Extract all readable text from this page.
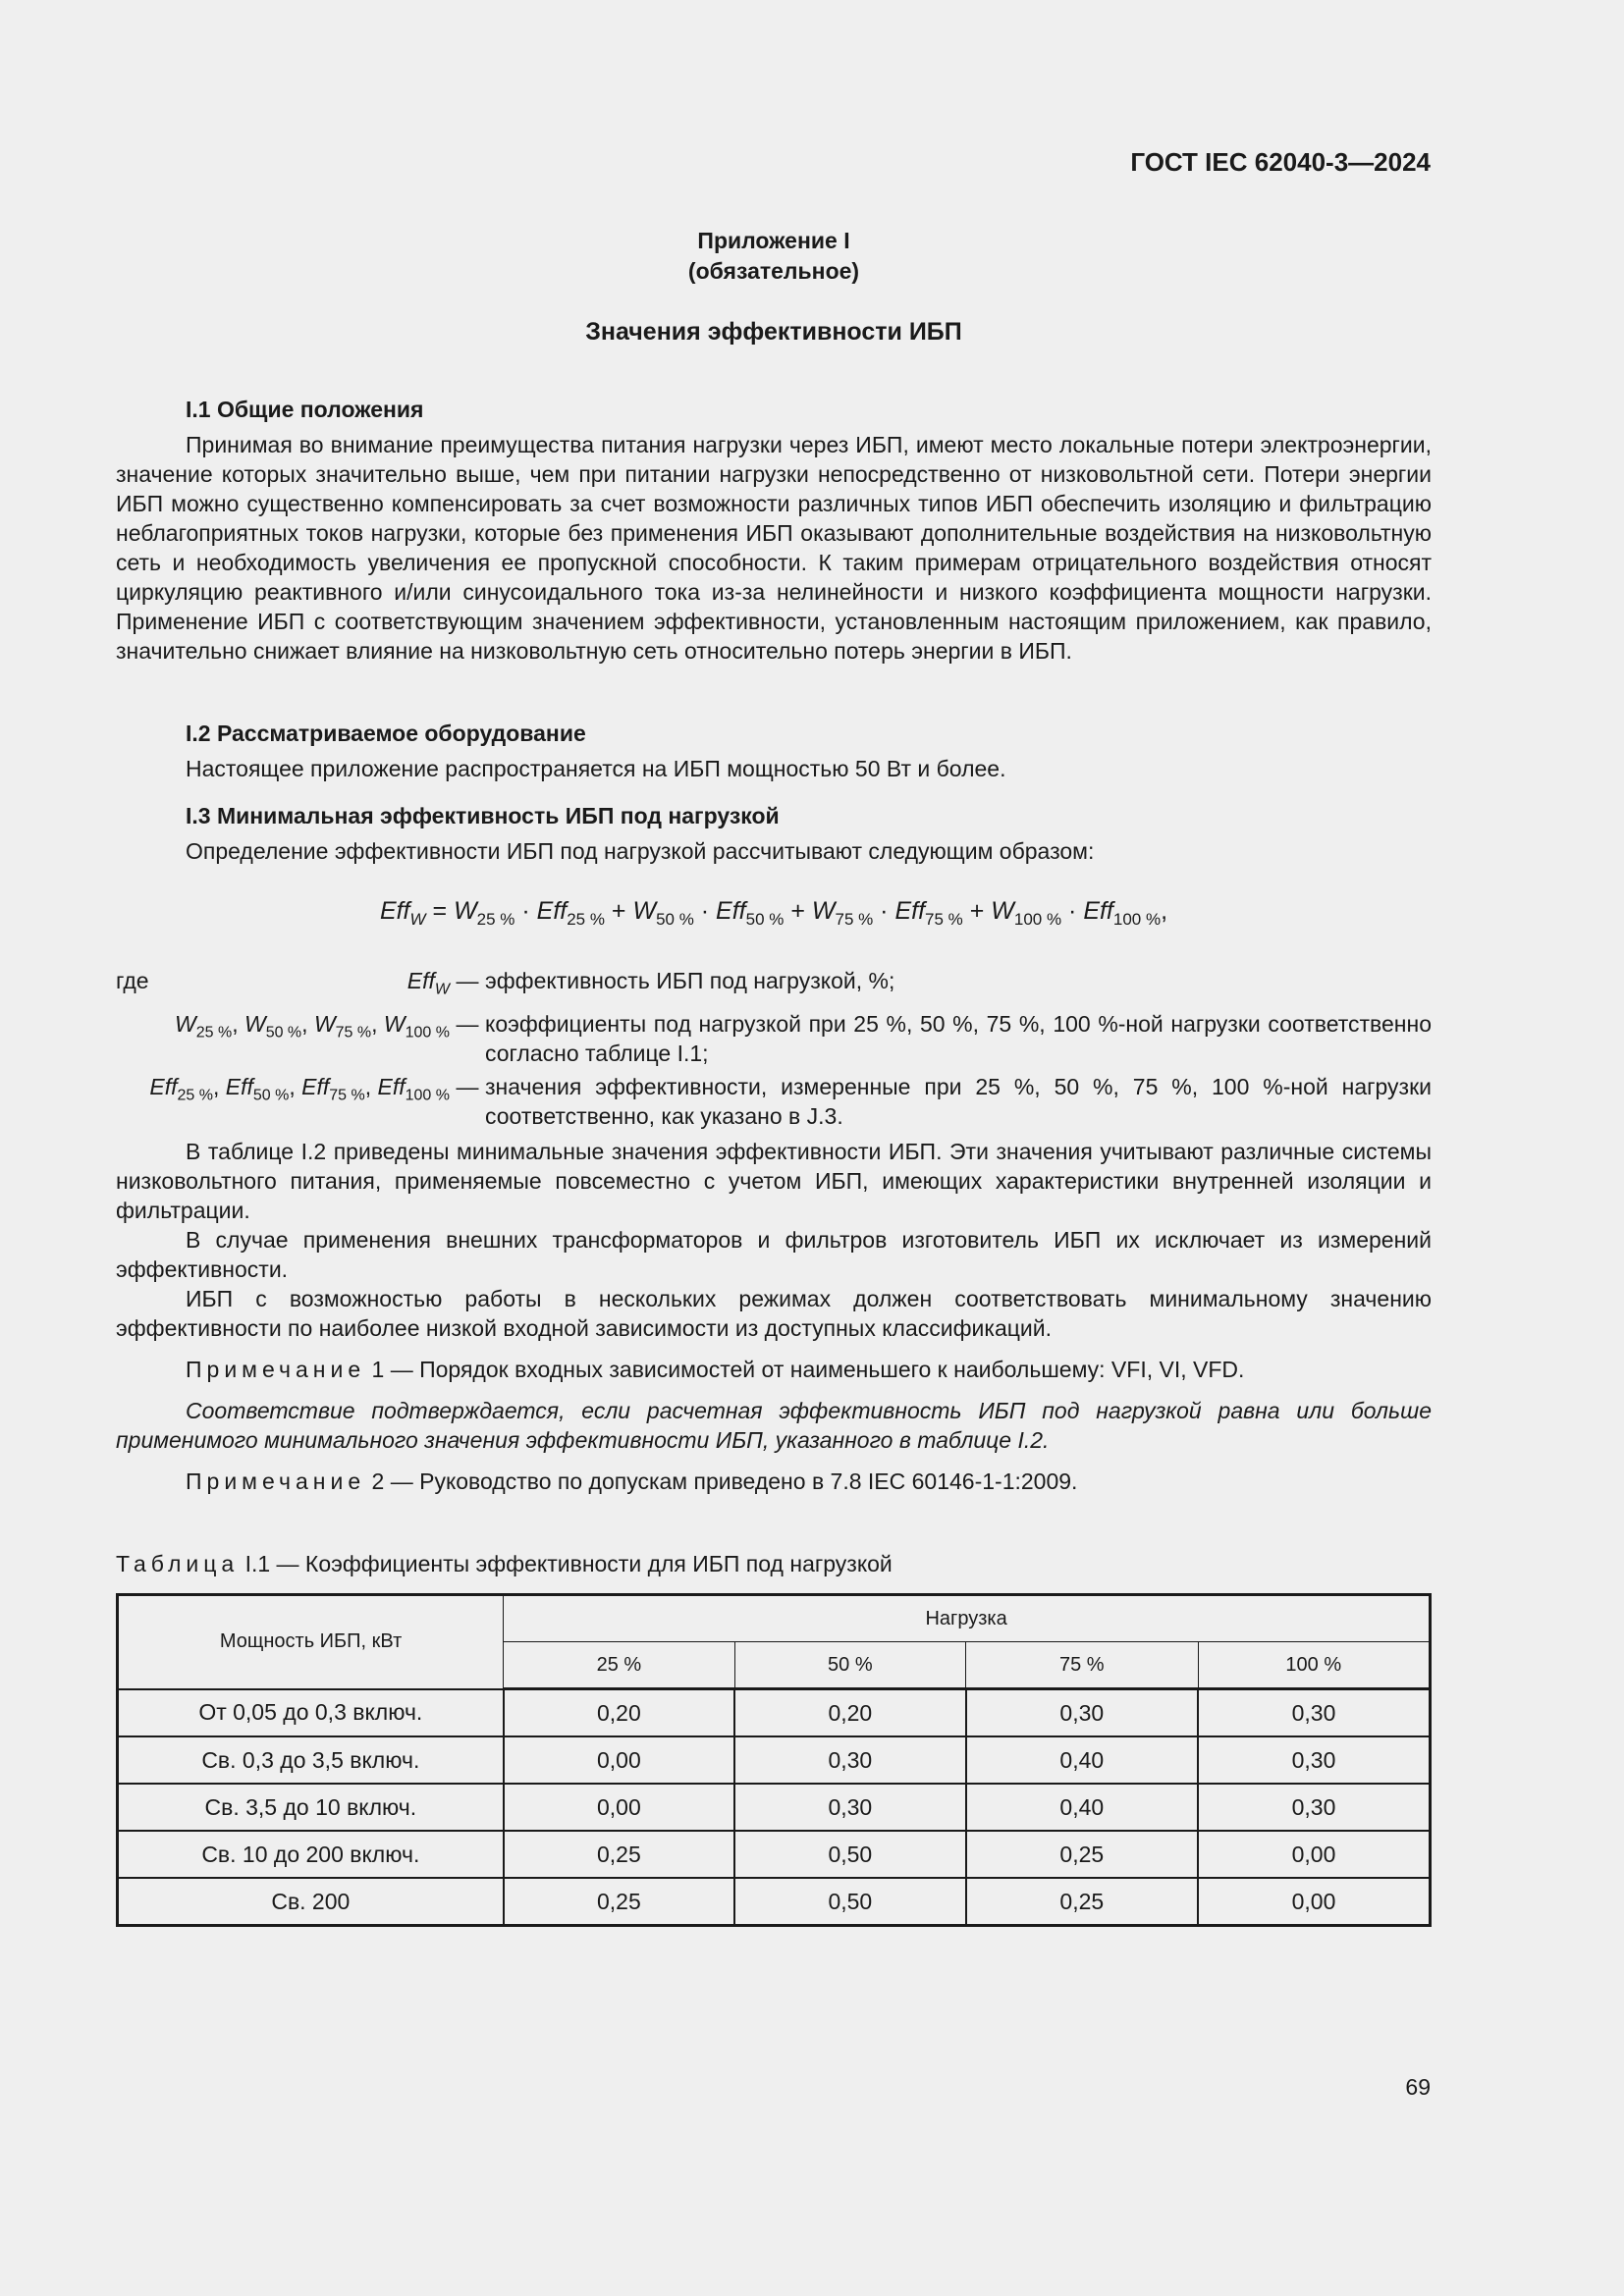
ГОСТ IEC 62040-3—2024
Приложение I
(обязательное)
Значения эффективности ИБП

I.1 Общие положения

Принимая во внимание преимущества питания нагрузки через ИБП, имеют место локальные потери электроэнергии, значение которых значительно выше, чем при питании нагрузки непосредственно от низковольтной сети. Потери энергии ИБП можно существенно компенсировать за счет возможности различных типов ИБП обеспечить изоляцию и фильтрацию неблагоприятных токов нагрузки, которые без применения ИБП оказывают дополнительные воздействия на низковольтную сеть и необходимость увеличения ее пропускной способности. К таким примерам отрицательного воздействия относят циркуляцию реактивного и/или синусоидального тока из-за нелинейности и низкого коэффициента мощности нагрузки. Применение ИБП с соответствующим значением эффективности, установленным настоящим приложением, как правило, значительно снижает влияние на низковольтную сеть относительно потерь энергии в ИБП.

I.2 Рассматриваемое оборудование

Настоящее приложение распространяется на ИБП мощностью 50 Вт и более.

I.3 Минимальная эффективность ИБП под нагрузкой

Определение эффективности ИБП под нагрузкой рассчитывают следующим образом:

$Eff_W = W_{25 \%} \cdot Eff_{25 \%} + W_{50 \%} \cdot Eff_{50 \%} + W_{75 \%} \cdot Eff_{75 \%} + W_{100 \%} \cdot Eff_{100 \%}$,
где	Eff$_W$ — эффективность ИБП под нагрузкой, %;
$W_{25 \%}$, $W_{50 \%}$, $W_{75 \%}$, $W_{100 \%}$ — коэффициенты под нагрузкой при 25 %, 50 %, 75 %, 100 %-ной нагрузки соответственно согласно таблице I.1;
Eff$_{25 \%}$, Eff$_{50 \%}$, Eff$_{75 \%}$, Eff$_{100 \%}$ — значения эффективности, измеренные при 25 %, 50 %, 75 %, 100 %-ной нагрузки соответственно, как указано в J.3.

В таблице I.2 приведены минимальные значения эффективности ИБП. Эти значения учитывают различные системы низковольтного питания, применяемые повсеместно с учетом ИБП, имеющих характеристики внутренней изоляции и фильтрации.

В случае применения внешних трансформаторов и фильтров изготовитель ИБП их исключает из измерений эффективности.

ИБП с возможностью работы в нескольких режимах должен соответствовать минимальному значению эффективности по наиболее низкой входной зависимости из доступных классификаций.

Примечание 1 — Порядок входных зависимостей от наименьшего к наибольшему: VFI, VI, VFD.

Соответствие подтверждается, если расчетная эффективность ИБП под нагрузкой равна или больше применимого минимального значения эффективности ИБП, указанного в таблице I.2.

Примечание 2 — Руководство по допускам приведено в 7.8 IEC 60146-1-1:2009.

Таблица I.1 — Коэффициенты эффективности для ИБП под нагрузкой
Мощность ИБП, кВт	Нагрузка			
	25 %	50 %	75 %	100 %
От 0,05 до 0,3 включ.	0,20	0,20	0,30	0,30
Св. 0,3 до 3,5 включ.	0,00	0,30	0,40	0,30
Св. 3,5 до 10 включ.	0,00	0,30	0,40	0,30
Св. 10 до 200 включ.	0,25	0,50	0,25	0,00
Св. 200	0,25	0,50	0,25	0,00
69
